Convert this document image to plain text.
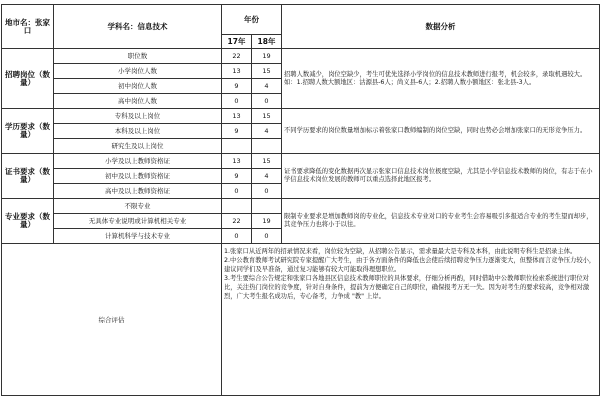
地市名：张家口	学科名：信息技术	年份		数据分析
		17年	18年	
招聘岗位（数量）	职位数	22	19	招聘人数减少，岗位空缺少，考生可优先选择小学岗位的信息技术教师进行报考，机会较多，录取机遇较大。如：1.招聘人数大额地区：沽源县-6人；尚义县-6人；2.招聘人数小额地区：张北县-3人。
	小学岗位人数	13	15	
	初中岗位人数	9	4	
	高中岗位人数	0	0	
学历要求（数量）	专科及以上岗位	13	15	不同学历要求的岗位数量增加标示着张家口教师编制的岗位空缺，同时也势必会增加张家口的无形竞争压力。
	本科及以上岗位	9	4	
	研究生及以上岗位			
证书要求（数量）	小学及以上教师资格证	13	15	证书要求降低的变化数据再次显示张家口信息技术岗位极度空缺，尤其是小学信息技术教师的岗位，有志于在小学信息技术岗位发展的教师可以重点选择此地区报考。
	初中及以上教师资格证	9	4	
	高中及以上教师资格证	0	0	
专业要求（数量）	不限专业			限制专业要求是增加教师岗的专业化，信息技术专业对口的专业考生会容易吸引多报适合专业的考生望而却步，其竞争压力也将小于以往。
	无具体专业说明或计算机相关专业	22	19	
	计算机科学与技术专业	0	0	
综合评估		1.张家口从近两年的招录情况来看，岗位较为空缺，从招聘公告显示，需求量最大是专科及本科，由此说明专科生是招录主体。
2.中公教育教师考试研究院专家提醒广大考生，由于各方面条件的降低也会使后续招聘竞争压力逐渐变大，但整体而言竞争压力较小，建议同学们及早准备，通过复习能够有较大可能取得理想职位。
3.考生要综合公告规定和张家口各地县区信息技术教师职位的具体要求，仔细分析再酌，同时借助中公教师职位检索系统进行职位对比，关注热门岗位的竞争度，针对自身条件，提前为方便确定自己的职位，确保报考万无一失。因为对考生的要求较高，竞争相对激烈，广大考生报名成功后，专心备考，力争成 "教" 上岸。		
